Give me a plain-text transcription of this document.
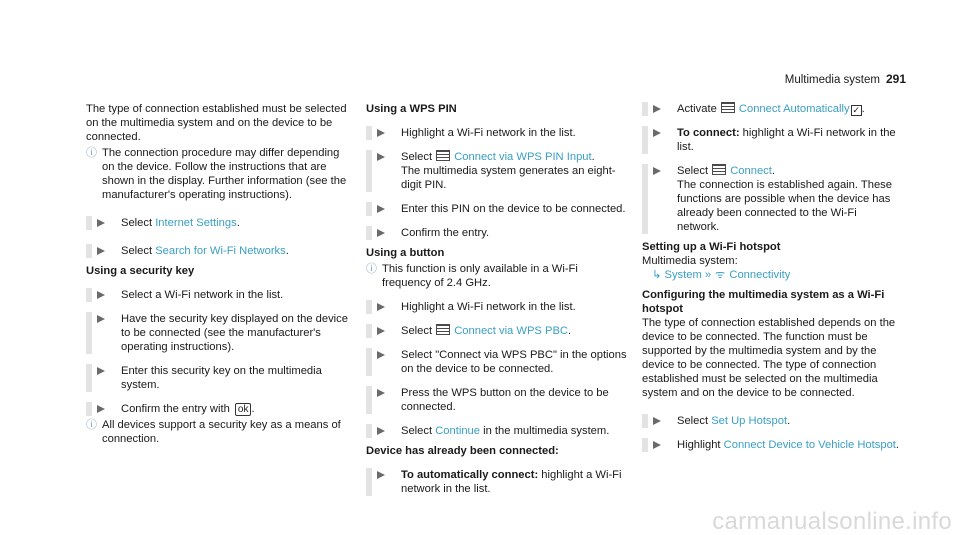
Multimedia system 291

The type of connection established must be selected on the multimedia system and on the device to be connected.

ⓘ The connection procedure may differ depending on the device. Follow the instructions that are shown in the display. Further information (see the manufacturer's operating instructions).
Select Internet Settings.
Select Search for Wi-Fi Networks.

Using a security key

Select a Wi-Fi network in the list.
Have the security key displayed on the device to be connected (see the manufacturer's operating instructions).
Enter this security key on the multimedia system.
Confirm the entry with ok .
ⓘ All devices support a security key as a means of connection.

Using a WPS PIN

Highlight a Wi-Fi network in the list.
Select Connect via WPS PIN Input.
The multimedia system generates an eight-digit PIN.
Enter this PIN on the device to be connected.
Confirm the entry.

Using a button

ⓘ This function is only available in a Wi-Fi frequency of 2.4 GHz.
Highlight a Wi-Fi network in the list.
Select Connect via WPS PBC.
Select "Connect via WPS PBC" in the options on the device to be connected.
Press the WPS button on the device to be connected.
Select Continue in the multimedia system.

Device has already been connected:

To automatically connect: highlight a Wi-Fi network in the list.
Activate Connect Automatically ✓ .
To connect: highlight a Wi-Fi network in the list.
Select Connect.
The connection is established again. These functions are possible when the device has already been connected to the Wi-Fi network.

Setting up a Wi-Fi hotspot

Multimedia system:

↳ System » ᯤ Connectivity

Configuring the multimedia system as a Wi-Fi hotspot

The type of connection established depends on the device to be connected. The function must be supported by the multimedia system and by the device to be connected. The type of connection established must be selected on the multimedia system and on the device to be connected.

Select Set Up Hotspot.
Highlight Connect Device to Vehicle Hotspot.
carmanualsonline.info
